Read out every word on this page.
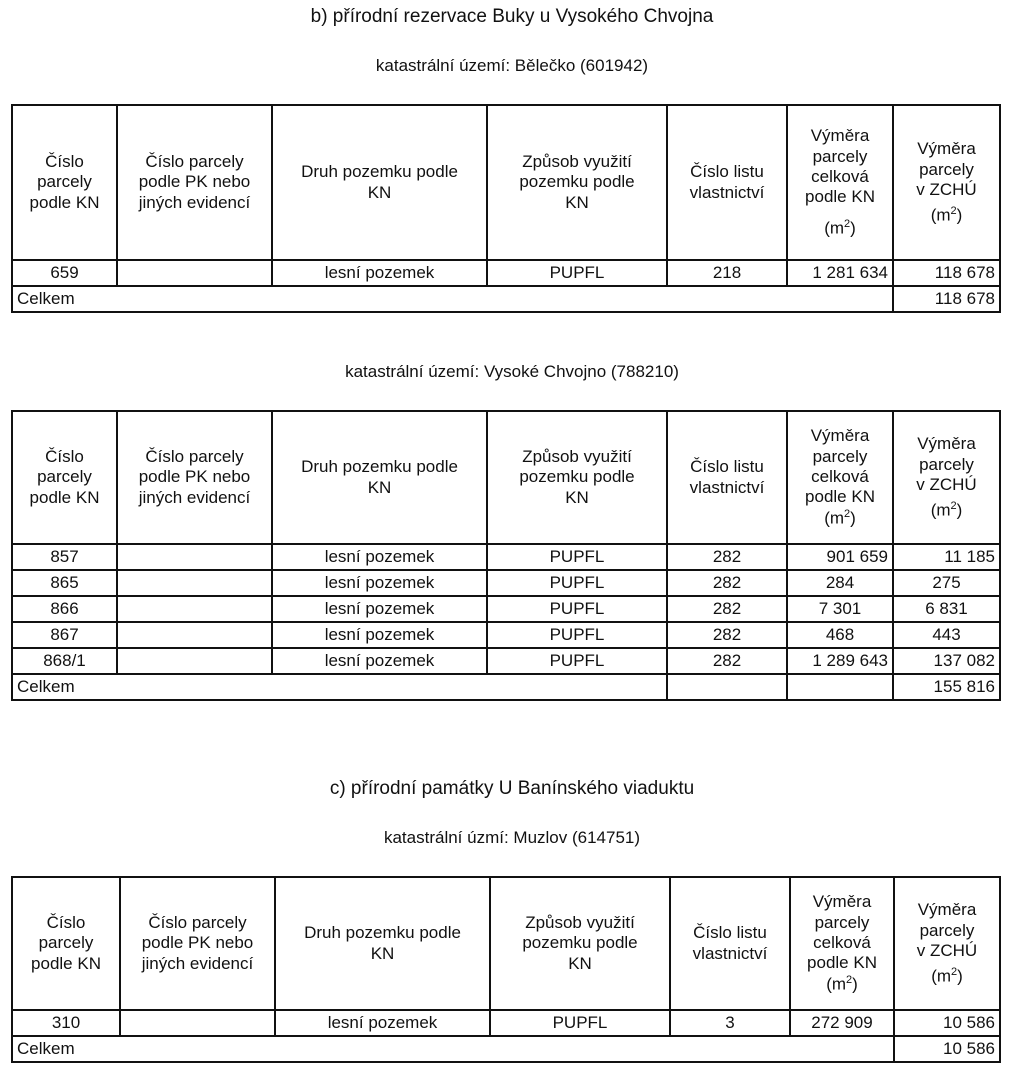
b) přírodní rezervace Buky u Vysokého Chvojna
katastrální území: Bělečko (601942)
Číslo
parcely
podle KN	Číslo parcely
podle PK nebo
jiných evidencí	Druh pozemku podle
KN	Způsob využití
pozemku podle
KN	Číslo listu
vlastnictví	Výměra
parcely
celková
podle KN
$(m^2)$	Výměra
parcely
v ZCHÚ
$(m^2)$

659		lesní pozemek	PUPFL	218	1 281 634	118 678
Celkem						118 678
katastrální území: Vysoké Chvojno (788210)
Číslo
parcely
podle KN	Číslo parcely
podle PK nebo
jiných evidencí	Druh pozemku podle
KN	Způsob využití
pozemku podle
KN	Číslo listu
vlastnictví	Výměra
parcely
celková
podle KN
$(m^2)$	Výměra
parcely
v ZCHÚ
$(m^2)$

857		lesní pozemek	PUPFL	282	901 659	11 185
865		lesní pozemek	PUPFL	282	284	275
866		lesní pozemek	PUPFL	282	7 301	6 831
867		lesní pozemek	PUPFL	282	468	443
868/1		lesní pozemek	PUPFL	282	1 289 643	137 082
Celkem						155 816
c) přírodní památky U Banínského viaduktu
katastrální úzmí: Muzlov (614751)
Číslo
parcely
podle KN	Číslo parcely
podle PK nebo
jiných evidencí	Druh pozemku podle
KN	Způsob využití
pozemku podle
KN	Číslo listu
vlastnictví	Výměra
parcely
celková
podle KN
$(m^2)$	Výměra
parcely
v ZCHÚ
$(m^2)$

310		lesní pozemek	PUPFL	3	272 909	10 586
Celkem						10 586
